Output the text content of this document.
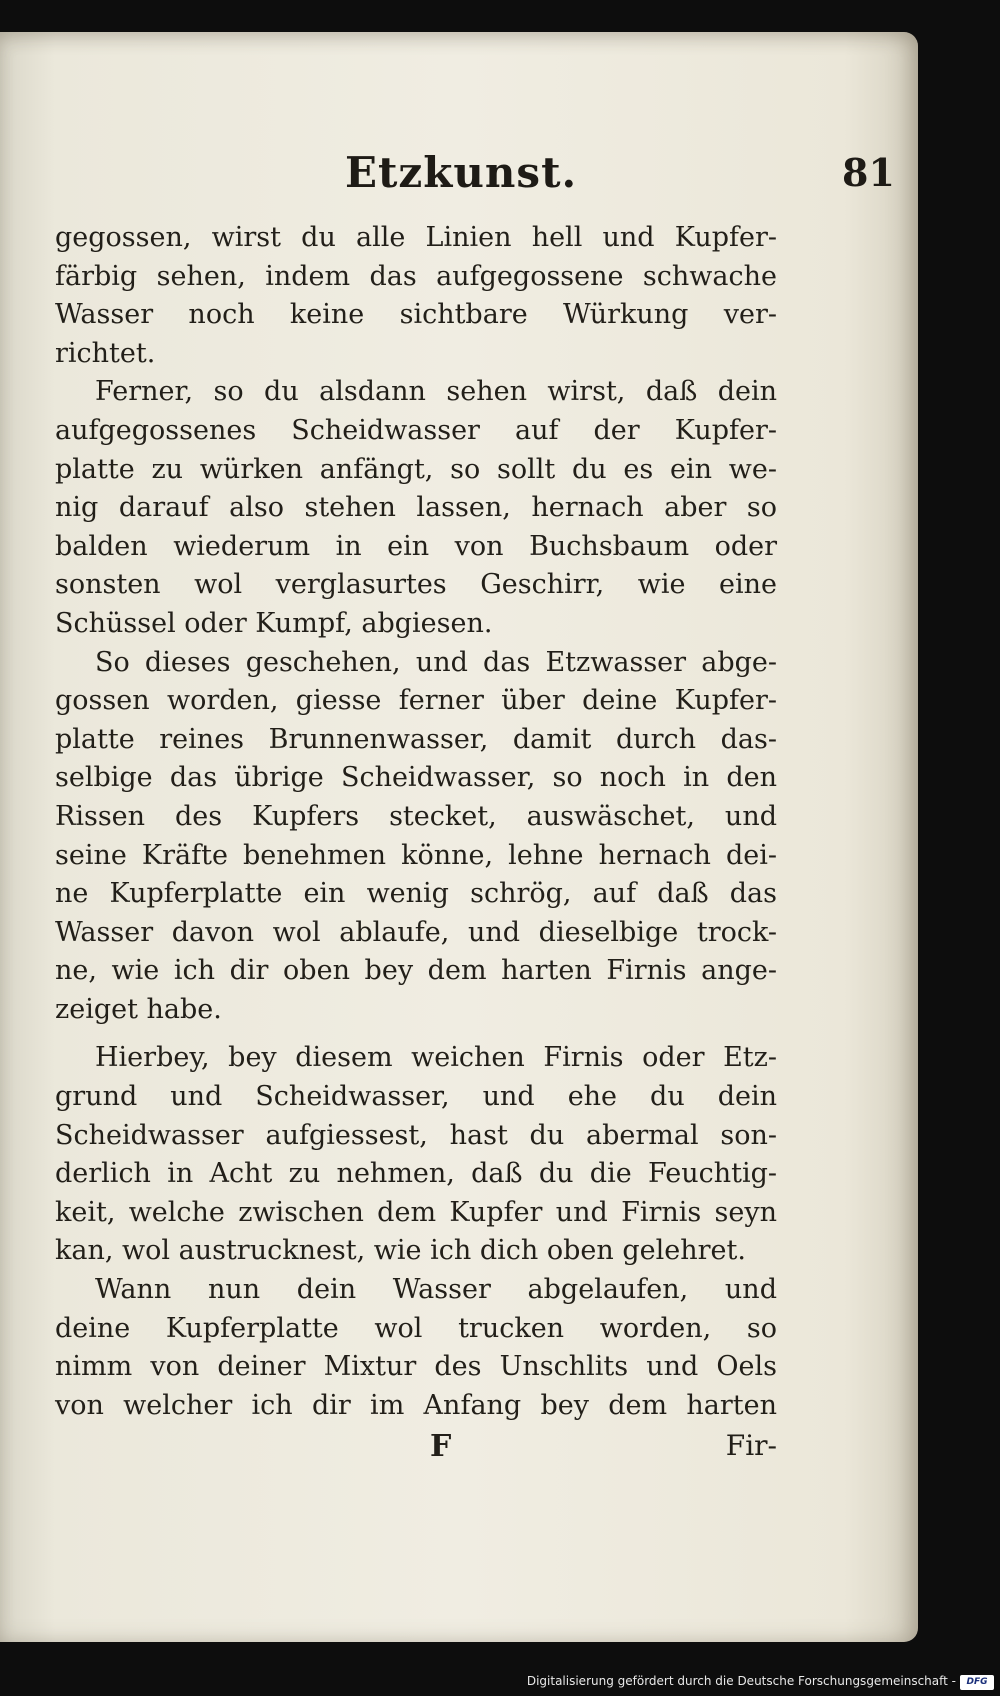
Etzkunst.	81
gegossen, wirst du alle Linien hell und Kupfer-
färbig sehen, indem das aufgegossene schwache
Wasser noch keine sichtbare Würkung ver-
richtet.
Ferner, so du alsdann sehen wirst, daß dein
aufgegossenes Scheidwasser auf der Kupfer-
platte zu würken anfängt, so sollt du es ein we-
nig darauf also stehen lassen, hernach aber so
balden wiederum in ein von Buchsbaum oder
sonsten wol verglasurtes Geschirr, wie eine
Schüssel oder Kumpf, abgiesen.
So dieses geschehen, und das Etzwasser abge-
gossen worden, giesse ferner über deine Kupfer-
platte reines Brunnenwasser, damit durch das-
selbige das übrige Scheidwasser, so noch in den
Rissen des Kupfers stecket, auswäschet, und
seine Kräfte benehmen könne, lehne hernach dei-
ne Kupferplatte ein wenig schrög, auf daß das
Wasser davon wol ablaufe, und dieselbige trock-
ne, wie ich dir oben bey dem harten Firnis ange-
zeiget habe.
Hierbey, bey diesem weichen Firnis oder Etz-
grund und Scheidwasser, und ehe du dein
Scheidwasser aufgiessest, hast du abermal son-
derlich in Acht zu nehmen, daß du die Feuchtig-
keit, welche zwischen dem Kupfer und Firnis seyn
kan, wol austrucknest, wie ich dich oben gelehret.
Wann nun dein Wasser abgelaufen, und
deine Kupferplatte wol trucken worden, so
nimm von deiner Mixtur des Unschlits und Oels
von welcher ich dir im Anfang bey dem harten
F	Fir-
Digitalisierung gefördert durch die Deutsche Forschungsgemeinschaft -	DFG
